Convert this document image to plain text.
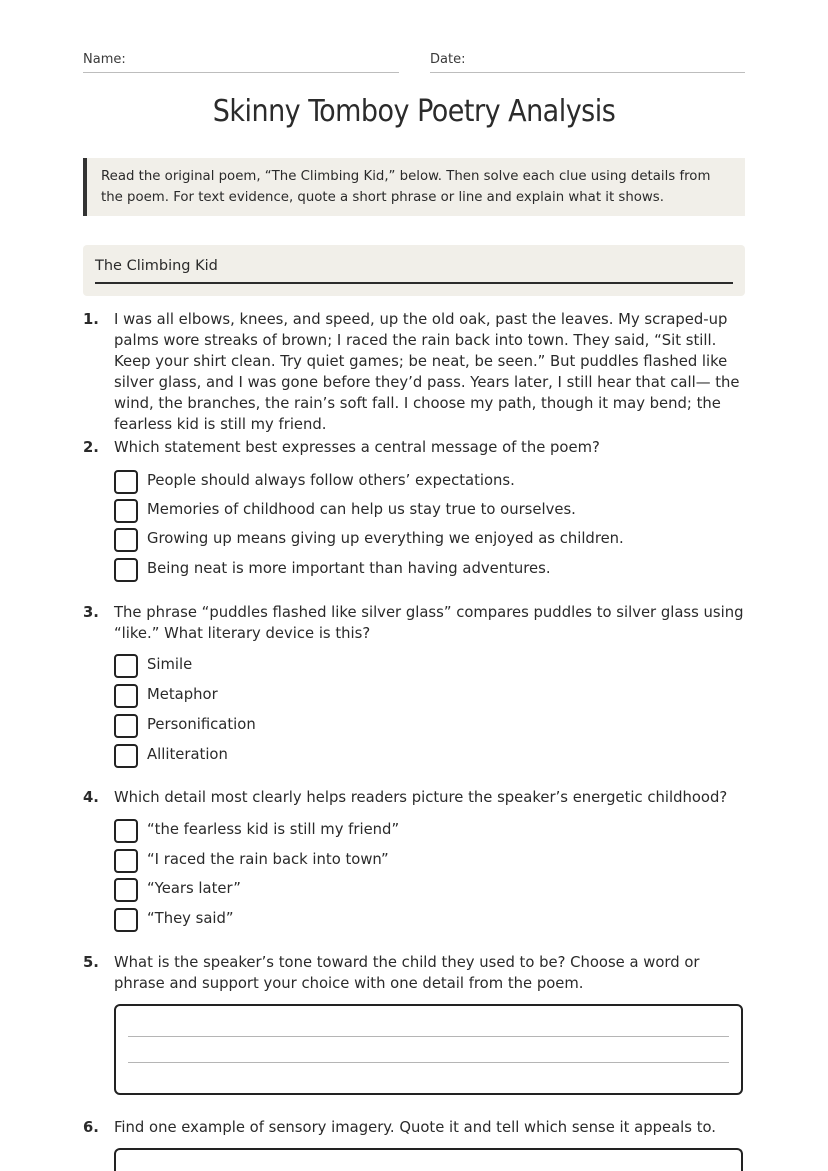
Name:	Date:
Skinny Tomboy Poetry Analysis
Read the original poem, “The Climbing Kid,” below. Then solve each clue using details from the poem. For text evidence, quote a short phrase or line and explain what it shows.
The Climbing Kid
1. I was all elbows, knees, and speed, up the old oak, past the leaves. My scraped-up palms wore streaks of brown; I raced the rain back into town. They said, “Sit still. Keep your shirt clean. Try quiet games; be neat, be seen.” But puddles flashed like silver glass, and I was gone before they’d pass. Years later, I still hear that call— the wind, the branches, the rain’s soft fall. I choose my path, though it may bend; the fearless kid is still my friend.
2. Which statement best expresses a central message of the poem?
People should always follow others’ expectations.
Memories of childhood can help us stay true to ourselves.
Growing up means giving up everything we enjoyed as children.
Being neat is more important than having adventures.
3. The phrase “puddles flashed like silver glass” compares puddles to silver glass using “like.” What literary device is this?
Simile
Metaphor
Personification
Alliteration
4. Which detail most clearly helps readers picture the speaker’s energetic childhood?
“the fearless kid is still my friend”
“I raced the rain back into town”
“Years later”
“They said”
5. What is the speaker’s tone toward the child they used to be? Choose a word or phrase and support your choice with one detail from the poem.
6. Find one example of sensory imagery. Quote it and tell which sense it appeals to.
